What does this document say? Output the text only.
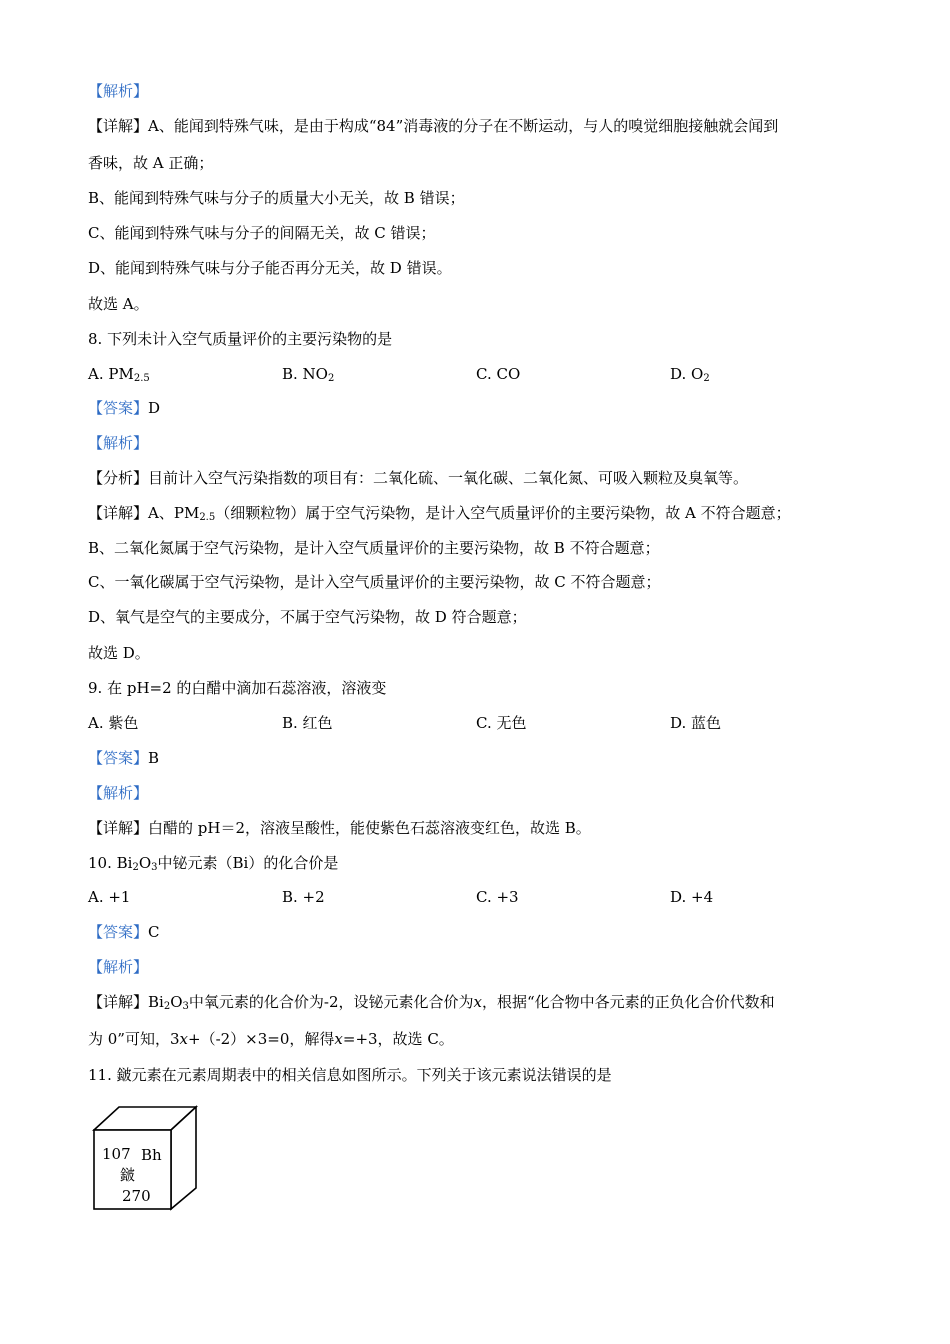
【解析】
【详解】A、能闻到特殊气味，是由于构成“84”消毒液的分子在不断运动，与人的嗅觉细胞接触就会闻到
香味，故 A 正确；
B、能闻到特殊气味与分子的质量大小无关，故 B 错误；
C、能闻到特殊气味与分子的间隔无关，故 C 错误；
D、能闻到特殊气味与分子能否再分无关，故 D 错误。
故选 A。
8. 下列未计入空气质量评价的主要污染物的是
A. $PM_{2.5}$	B. $NO_2$	C. CO	D. $O_2$
【答案】D
【解析】
【分析】目前计入空气污染指数的项目有：二氧化硫、一氧化碳、二氧化氮、可吸入颗粒及臭氧等。
【详解】A、$PM_{2.5}$（细颗粒物）属于空气污染物，是计入空气质量评价的主要污染物，故 A 不符合题意；
B、二氧化氮属于空气污染物，是计入空气质量评价的主要污染物，故 B 不符合题意；
C、一氧化碳属于空气污染物，是计入空气质量评价的主要污染物，故 C 不符合题意；
D、氧气是空气的主要成分，不属于空气污染物，故 D 符合题意；
故选 D。
9. 在 pH=2 的白醋中滴加石蕊溶液，溶液变
A. 紫色	B. 红色	C. 无色	D. 蓝色
【答案】B
【解析】
【详解】白醋的 pH＝2，溶液呈酸性，能使紫色石蕊溶液变红色，故选 B。
10. $Bi_2O_3$中铋元素（Bi）的化合价是
A. +1	B. +2	C. +3	D. +4
【答案】C
【解析】
【详解】$Bi_2O_3$中氧元素的化合价为-2，设铋元素化合价为x，根据“化合物中各元素的正负化合价代数和
为 0”可知，3x+（-2）×3=0，解得x=+3，故选 C。
11. 𨨏元素在元素周期表中的相关信息如图所示。下列关于该元素说法错误的是
107 Bh
𨨏
270
